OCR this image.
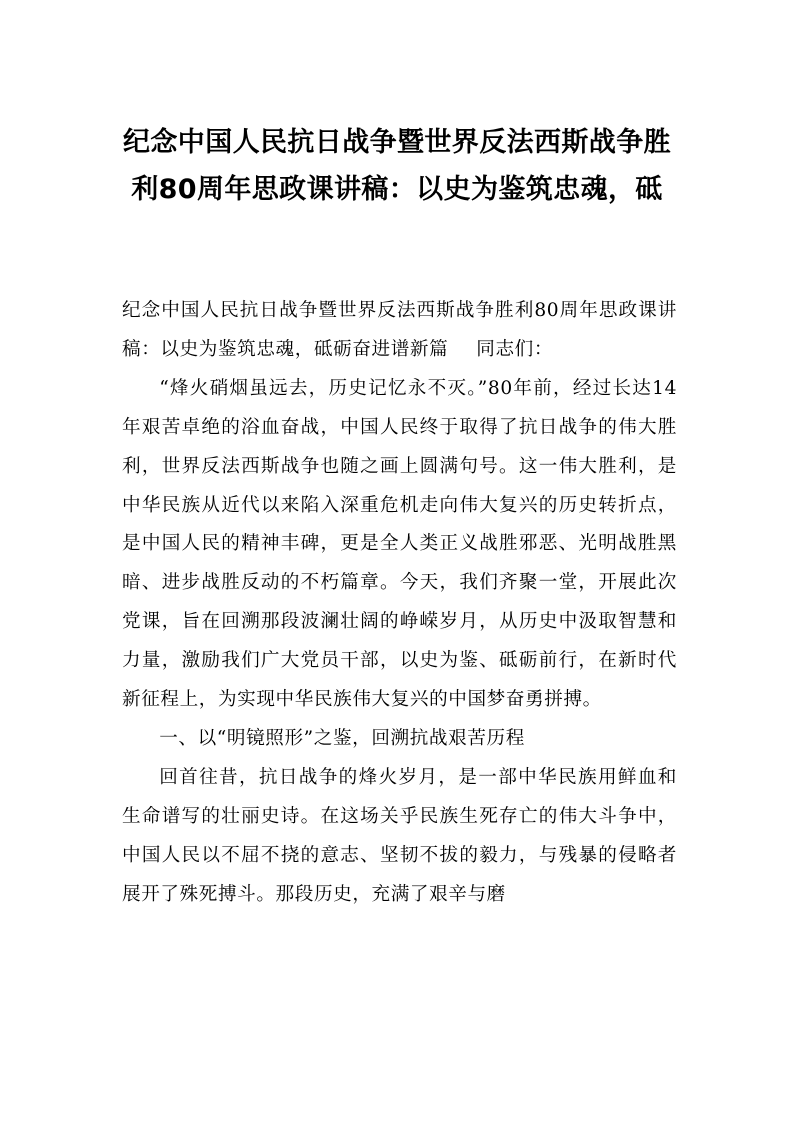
纪念中国人民抗日战争暨世界反法西斯战争胜利80周年思政课讲稿：以史为鉴筑忠魂，砥

纪念中国人民抗日战争暨世界反法西斯战争胜利80周年思政课讲稿：以史为鉴筑忠魂，砥砺奋进谱新篇 同志们：

“烽火硝烟虽远去，历史记忆永不灭。”80年前，经过长达14年艰苦卓绝的浴血奋战，中国人民终于取得了抗日战争的伟大胜利，世界反法西斯战争也随之画上圆满句号。这一伟大胜利，是中华民族从近代以来陷入深重危机走向伟大复兴的历史转折点，是中国人民的精神丰碑，更是全人类正义战胜邪恶、光明战胜黑暗、进步战胜反动的不朽篇章。今天，我们齐聚一堂，开展此次党课，旨在回溯那段波澜壮阔的峥嵘岁月，从历史中汲取智慧和力量，激励我们广大党员干部，以史为鉴、砥砺前行，在新时代新征程上，为实现中华民族伟大复兴的中国梦奋勇拼搏。

一、以“明镜照形”之鉴，回溯抗战艰苦历程

回首往昔，抗日战争的烽火岁月，是一部中华民族用鲜血和生命谱写的壮丽史诗。在这场关乎民族生死存亡的伟大斗争中，中国人民以不屈不挠的意志、坚韧不拔的毅力，与残暴的侵略者展开了殊死搏斗。那段历史，充满了艰辛与磨
